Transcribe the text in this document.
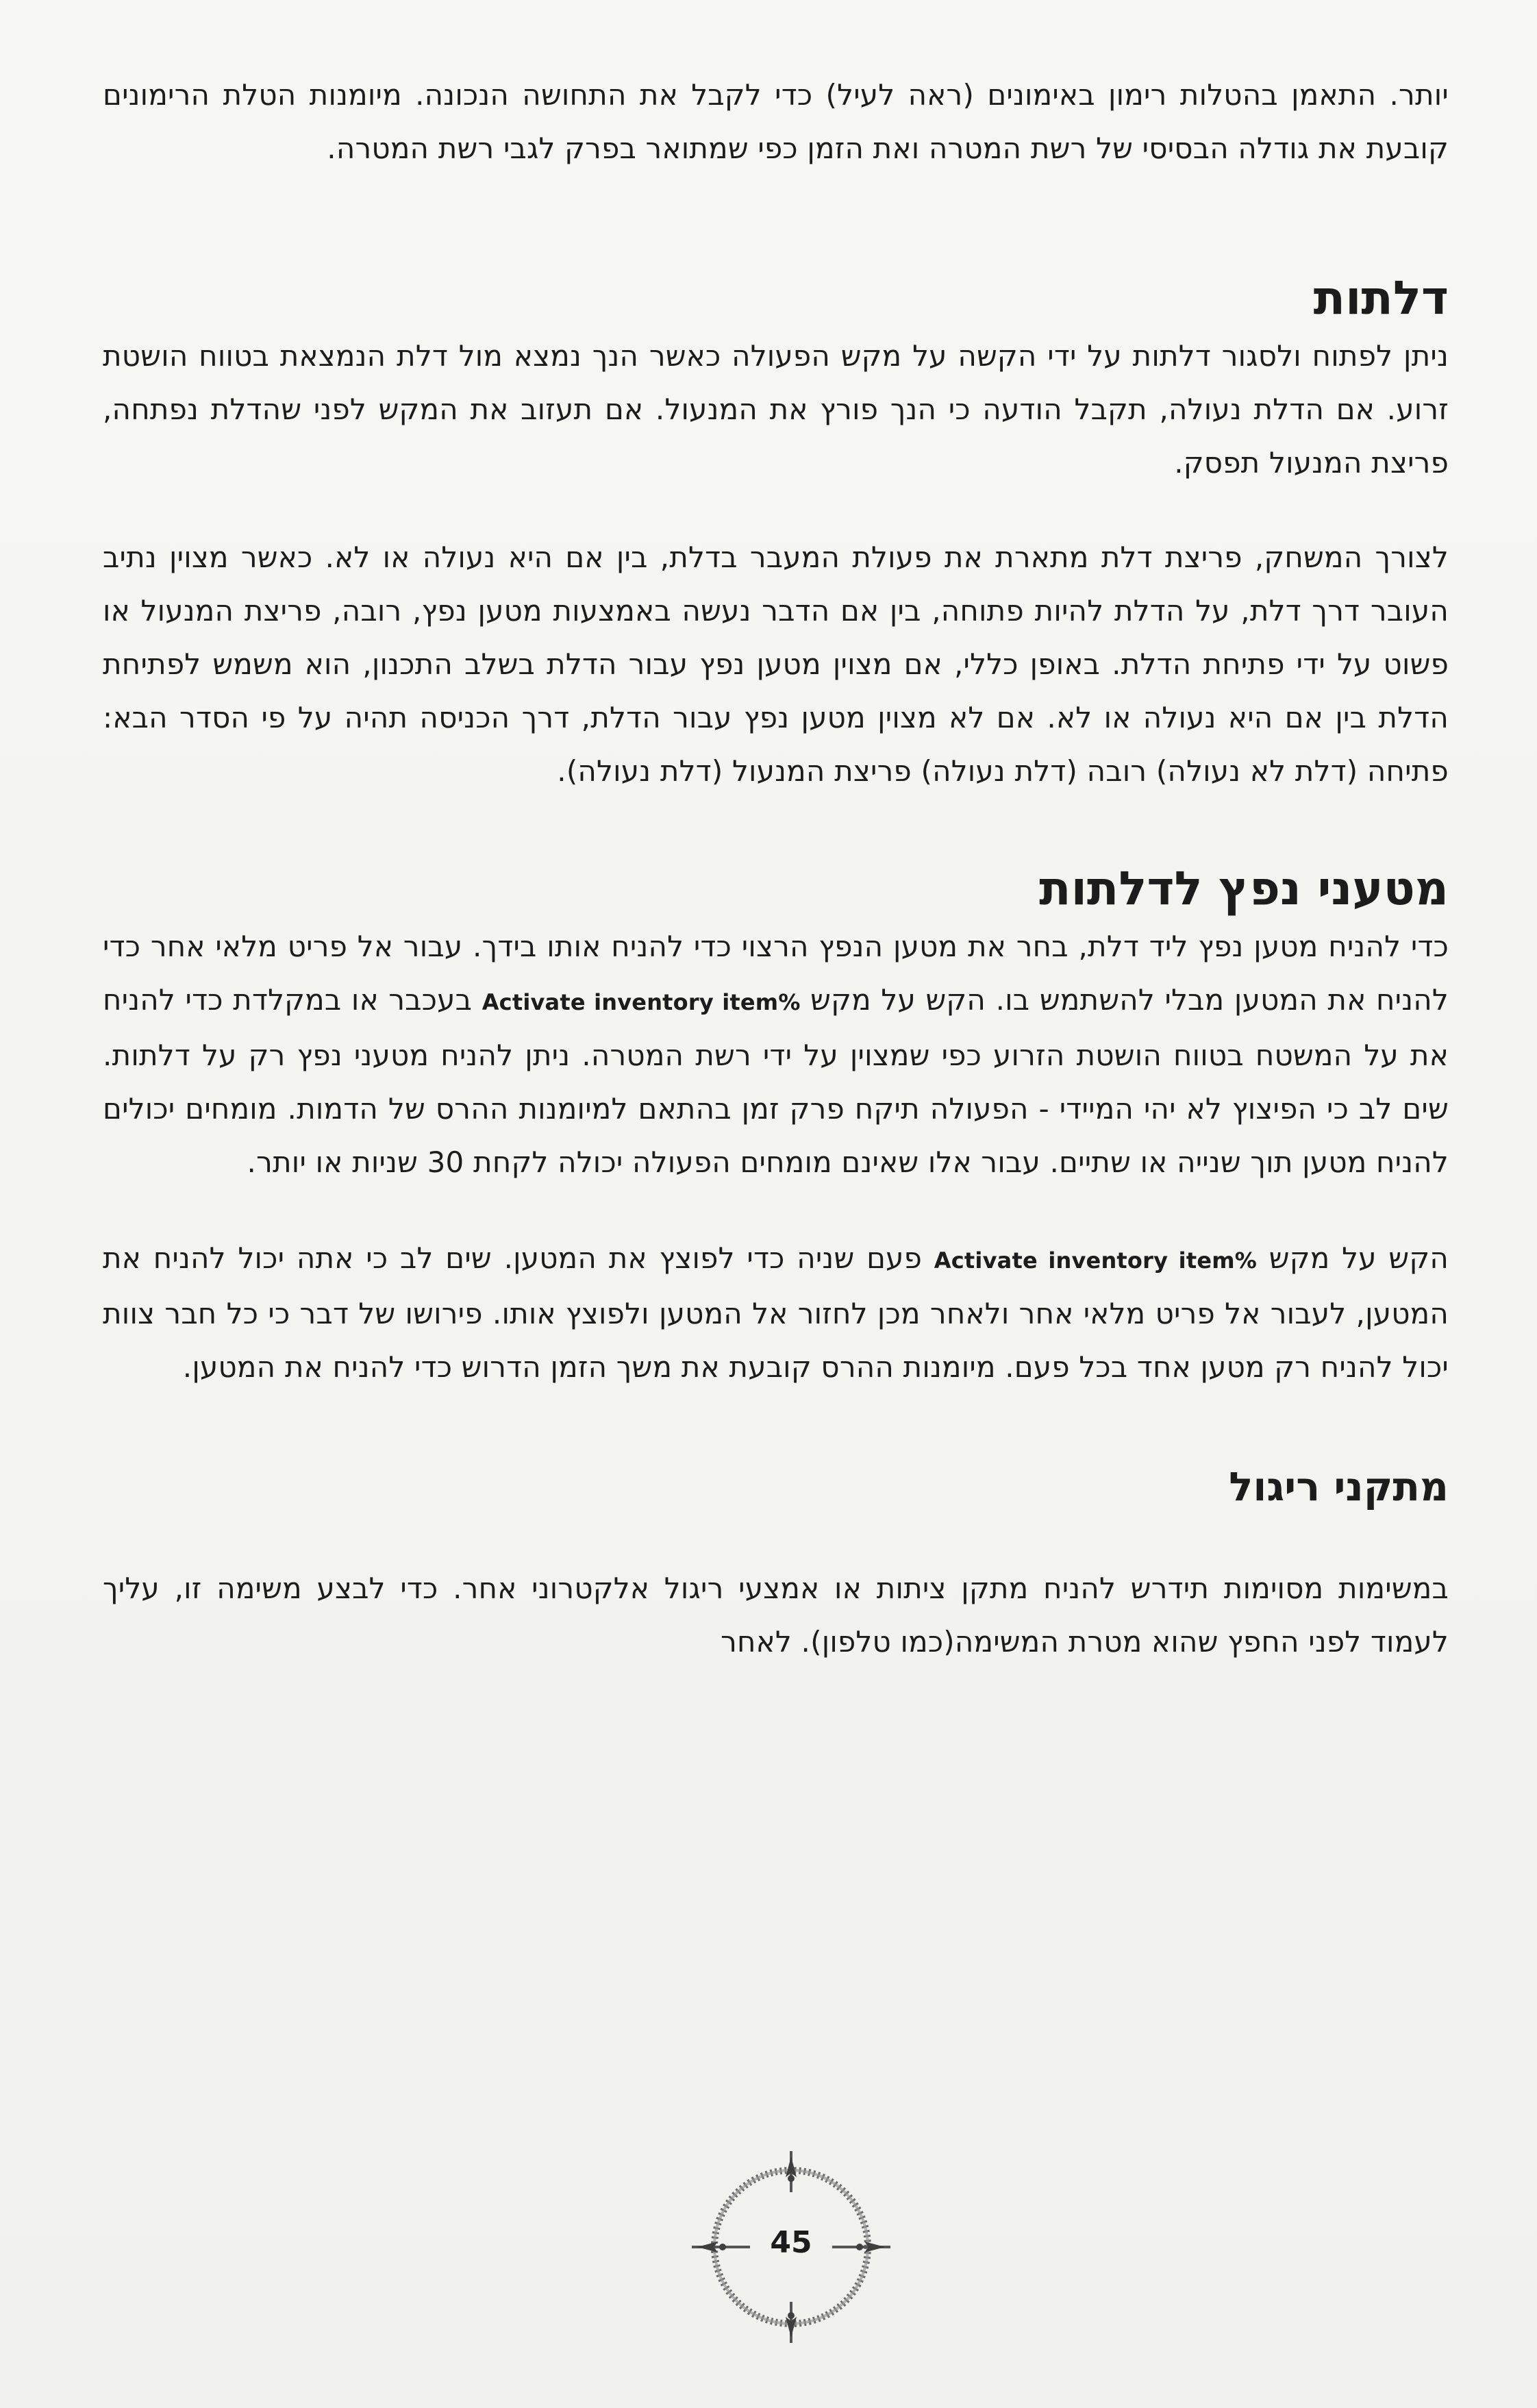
יותר. התאמן בהטלות רימון באימונים (ראה לעיל) כדי לקבל את התחושה הנכונה. מיומנות הטלת הרימונים קובעת את גודלה הבסיסי של רשת המטרה ואת הזמן כפי שמתואר בפרק לגבי רשת המטרה.

דלתות

ניתן לפתוח ולסגור דלתות על ידי הקשה על מקש הפעולה כאשר הנך נמצא מול דלת הנמצאת בטווח הושטת זרוע. אם הדלת נעולה, תקבל הודעה כי הנך פורץ את המנעול. אם תעזוב את המקש לפני שהדלת נפתחה, פריצת המנעול תפסק.

לצורך המשחק, פריצת דלת מתארת את פעולת המעבר בדלת, בין אם היא נעולה או לא. כאשר מצוין נתיב העובר דרך דלת, על הדלת להיות פתוחה, בין אם הדבר נעשה באמצעות מטען נפץ, רובה, פריצת המנעול או פשוט על ידי פתיחת הדלת. באופן כללי, אם מצוין מטען נפץ עבור הדלת בשלב התכנון, הוא משמש לפתיחת הדלת בין אם היא נעולה או לא. אם לא מצוין מטען נפץ עבור הדלת, דרך הכניסה תהיה על פי הסדר הבא: פתיחה (דלת לא נעולה) רובה (דלת נעולה) פריצת המנעול (דלת נעולה).

מטעני נפץ לדלתות

כדי להניח מטען נפץ ליד דלת, בחר את מטען הנפץ הרצוי כדי להניח אותו בידך. עבור אל פריט מלאי אחר כדי להניח את המטען מבלי להשתמש בו. הקש על מקש Activate inventory item% בעכבר או במקלדת כדי להניח את על המשטח בטווח הושטת הזרוע כפי שמצוין על ידי רשת המטרה. ניתן להניח מטעני נפץ רק על דלתות. שים לב כי הפיצוץ לא יהי המיידי - הפעולה תיקח פרק זמן בהתאם למיומנות ההרס של הדמות. מומחים יכולים להניח מטען תוך שנייה או שתיים. עבור אלו שאינם מומחים הפעולה יכולה לקחת 30 שניות או יותר.

הקש על מקש Activate inventory item% פעם שניה כדי לפוצץ את המטען. שים לב כי אתה יכול להניח את המטען, לעבור אל פריט מלאי אחר ולאחר מכן לחזור אל המטען ולפוצץ אותו. פירושו של דבר כי כל חבר צוות יכול להניח רק מטען אחד בכל פעם. מיומנות ההרס קובעת את משך הזמן הדרוש כדי להניח את המטען.

מתקני ריגול

במשימות מסוימות תידרש להניח מתקן ציתות או אמצעי ריגול אלקטרוני אחר. כדי לבצע משימה זו, עליך לעמוד לפני החפץ שהוא מטרת המשימה(כמו טלפון). לאחר

45
